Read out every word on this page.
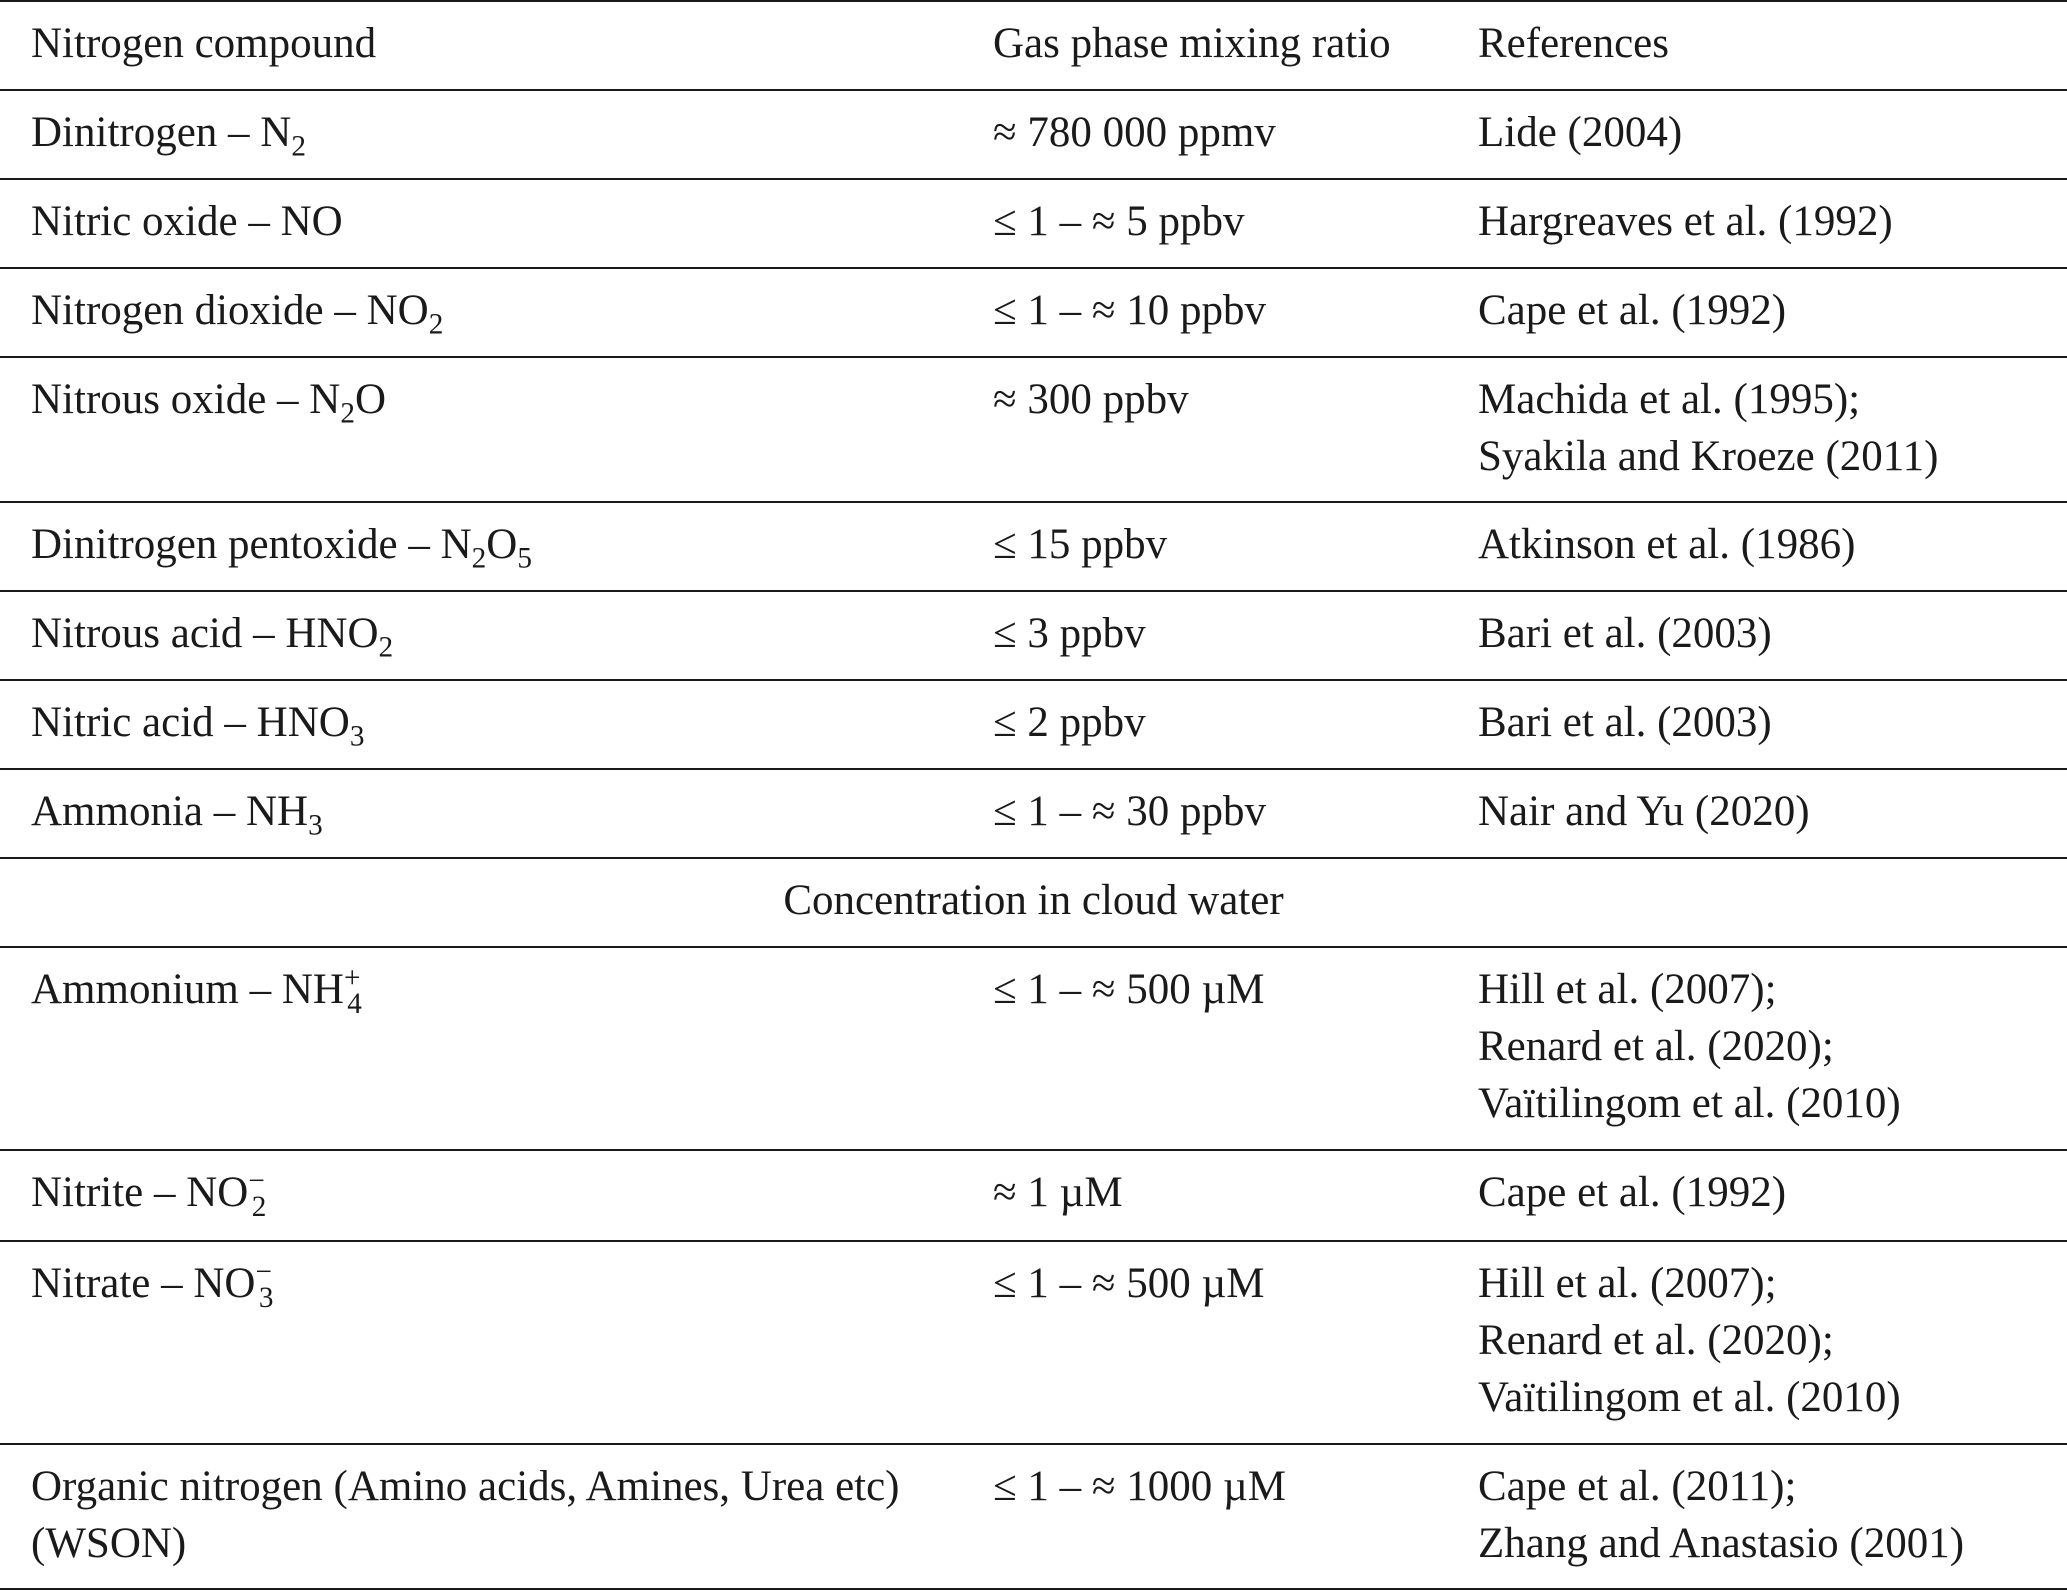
Nitrogen compound	Gas phase mixing ratio	References
Dinitrogen – $N_2$	≈ 780 000 ppmv	Lide (2004)

Nitric oxide – NO	≤ 1 – ≈ 5 ppbv	Hargreaves et al. (1992)

Nitrogen dioxide – $NO_2$	≤ 1 – ≈ 10 ppbv	Cape et al. (1992)

Nitrous oxide – $N_2O$	≈ 300 ppbv	Machida et al. (1995);
Syakila and Kroeze (2011)

Dinitrogen pentoxide – $N_2O_5$	≤ 15 ppbv	Atkinson et al. (1986)

Nitrous acid – $HNO_2$	≤ 3 ppbv	Bari et al. (2003)

Nitric acid – $HNO_3$	≤ 2 ppbv	Bari et al. (2003)

Ammonia – $NH_3$	≤ 1 – ≈ 30 ppbv	Nair and Yu (2020)

Concentration in cloud water		
Ammonium – $NH^+_4$	≤ 1 – ≈ 500 µM	Hill et al. (2007);
Renard et al. (2020);
Vaïtilingom et al. (2010)

Nitrite – $NO^-_2$	≈ 1 µM	Cape et al. (1992)

Nitrate – $NO^-_3$	≤ 1 – ≈ 500 µM	Hill et al. (2007);
Renard et al. (2020);
Vaïtilingom et al. (2010)

Organic nitrogen (Amino acids, Amines, Urea etc)
(WSON)	≤ 1 – ≈ 1000 µM	Cape et al. (2011);
Zhang and Anastasio (2001)
